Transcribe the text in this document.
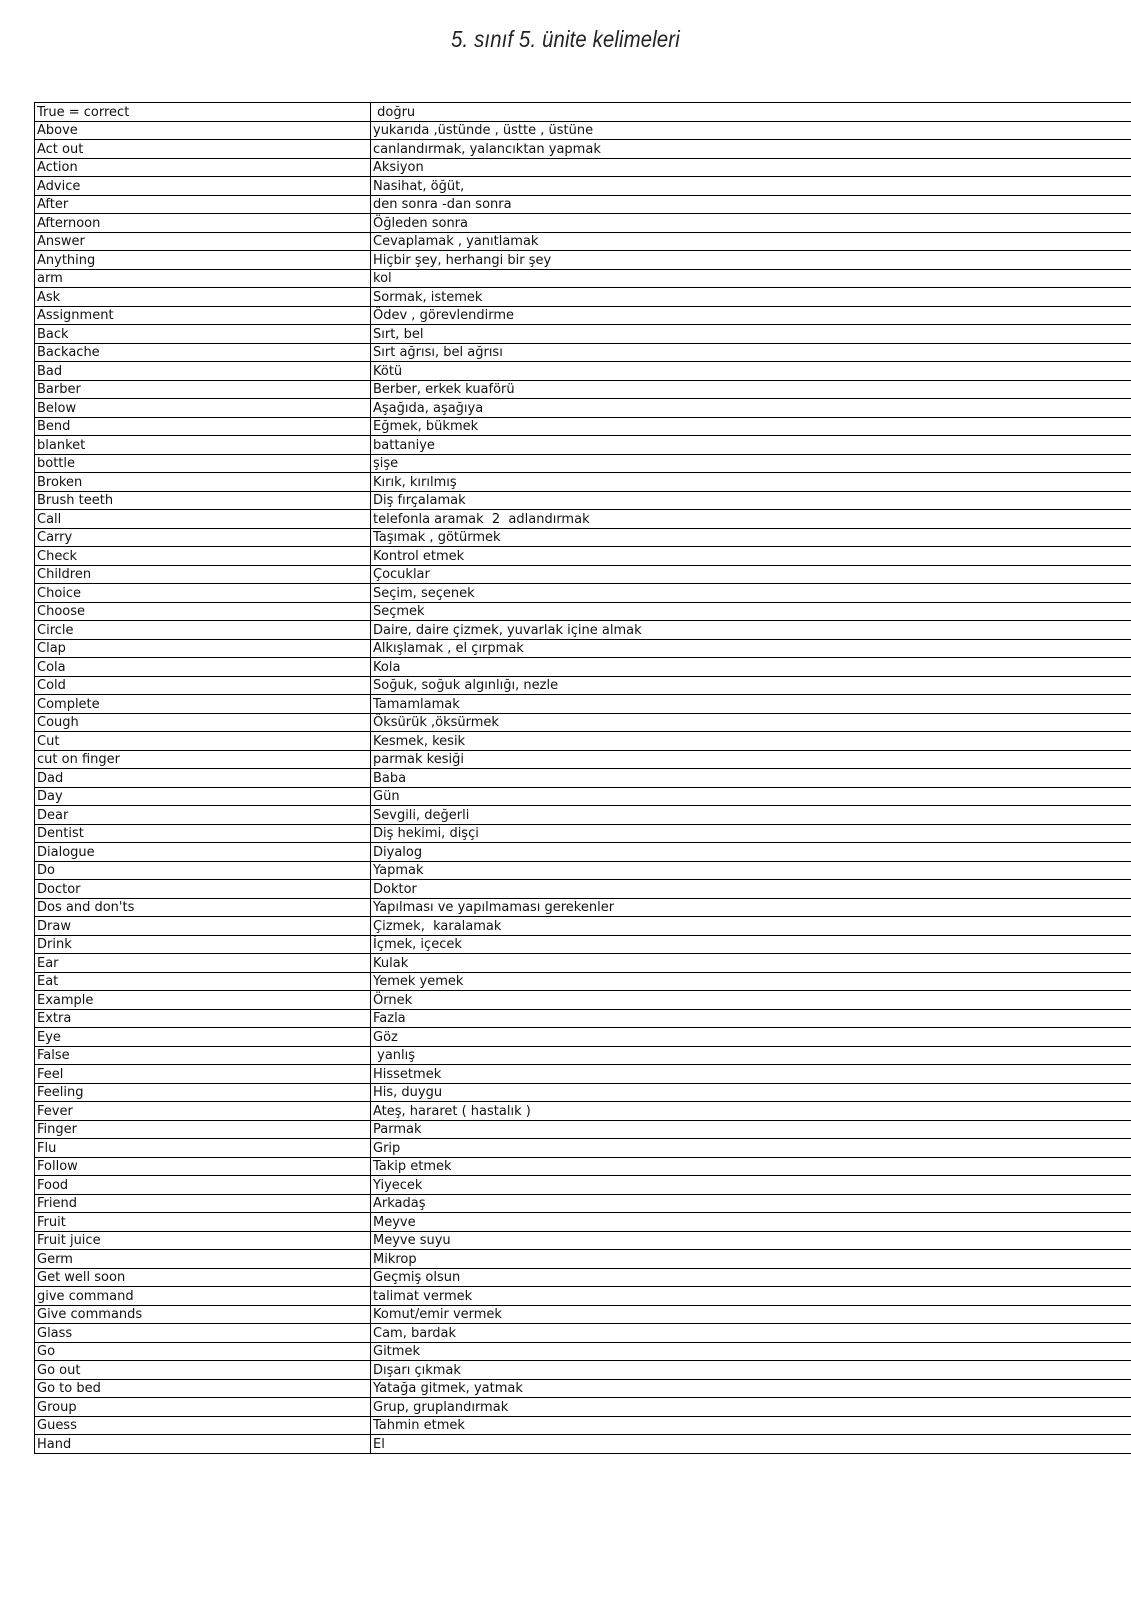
5. sınıf 5. ünite kelimeleri
True = correct	doğru
Above	yukarıda ,üstünde , üstte , üstüne
Act out	canlandırmak, yalancıktan yapmak
Action	Aksiyon
Advice	Nasihat, öğüt,
After	den sonra -dan sonra
Afternoon	Öğleden sonra
Answer	Cevaplamak , yanıtlamak
Anything	Hiçbir şey, herhangi bir şey
arm	kol
Ask	Sormak, istemek
Assignment	Ödev , görevlendirme
Back	Sırt, bel
Backache	Sırt ağrısı, bel ağrısı
Bad	Kötü
Barber	Berber, erkek kuaförü
Below	Aşağıda, aşağıya
Bend	Eğmek, bükmek
blanket	battaniye
bottle	şişe
Broken	Kırık, kırılmış
Brush teeth	Diş fırçalamak
Call	telefonla aramak  2  adlandırmak
Carry	Taşımak , götürmek
Check	Kontrol etmek
Children	Çocuklar
Choice	Seçim, seçenek
Choose	Seçmek
Circle	Daire, daire çizmek, yuvarlak içine almak
Clap	Alkışlamak , el çırpmak
Cola	Kola
Cold	Soğuk, soğuk algınlığı, nezle
Complete	Tamamlamak
Cough	Öksürük ,öksürmek
Cut	Kesmek, kesik
cut on finger	parmak kesiği
Dad	Baba
Day	Gün
Dear	Sevgili, değerli
Dentist	Diş hekimi, dişçi
Dialogue	Diyalog
Do	Yapmak
Doctor	Doktor
Dos and don'ts	Yapılması ve yapılmaması gerekenler
Draw	Çizmek,  karalamak
Drink	İçmek, içecek
Ear	Kulak
Eat	Yemek yemek
Example	Örnek
Extra	Fazla
Eye	Göz
False	yanlış
Feel	Hissetmek
Feeling	His, duygu
Fever	Ateş, hararet ( hastalık )
Finger	Parmak
Flu	Grip
Follow	Takip etmek
Food	Yiyecek
Friend	Arkadaş
Fruit	Meyve
Fruit juice	Meyve suyu
Germ	Mikrop
Get well soon	Geçmiş olsun
give command	talimat vermek
Give commands	Komut/emir vermek
Glass	Cam, bardak
Go	Gitmek
Go out	Dışarı çıkmak
Go to bed	Yatağa gitmek, yatmak
Group	Grup, gruplandırmak
Guess	Tahmin etmek
Hand	El
